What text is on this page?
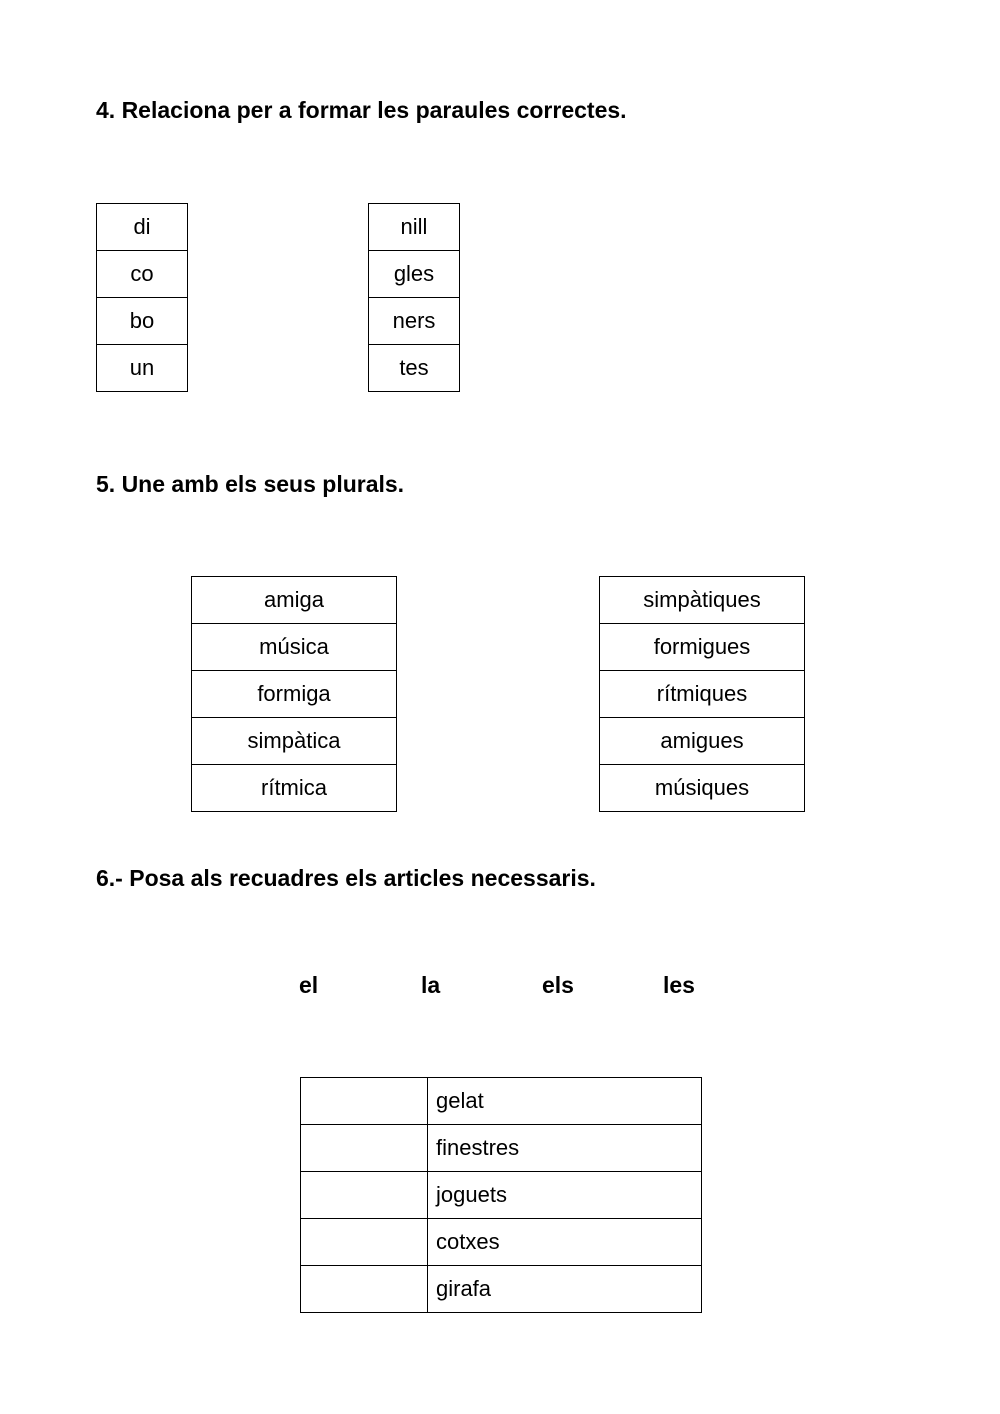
4. Relaciona per a formar les paraules correctes.
di
co
bo
un
nill
gles
ners
tes
5. Une amb els seus plurals.
amiga
música
formiga
simpàtica
rítmica
simpàtiques
formigues
rítmiques
amigues
músiques
6.- Posa als recuadres els articles necessaris.
el	la	els	les
	gelat
	finestres
	joguets
	cotxes
	girafa
